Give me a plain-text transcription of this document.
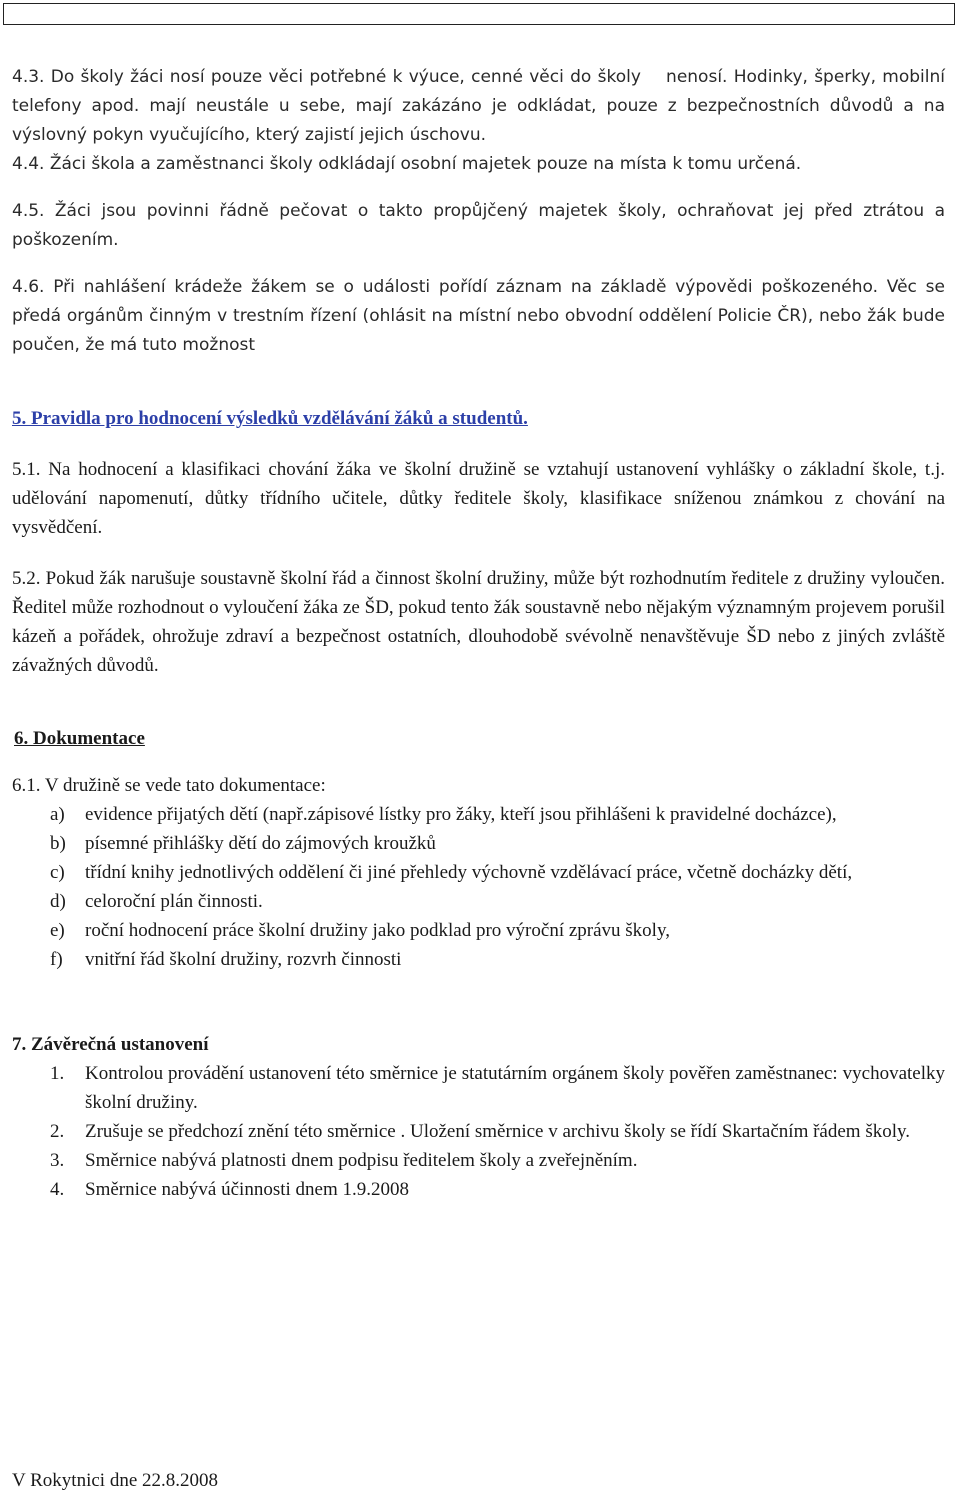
4.3. Do školy žáci nosí pouze věci potřebné k výuce, cenné věci do školy nenosí. Hodinky, šperky, mobilní telefony apod. mají neustále u sebe, mají zakázáno je odkládat, pouze z bezpečnostních důvodů a na výslovný pokyn vyučujícího, který zajistí jejich úschovu.

4.4. Žáci škola a zaměstnanci školy odkládají osobní majetek pouze na místa k tomu určená.

4.5. Žáci jsou povinni řádně pečovat o takto propůjčený majetek školy, ochraňovat jej před ztrátou a poškozením.

4.6. Při nahlášení krádeže žákem se o události pořídí záznam na základě výpovědi poškozeného. Věc se předá orgánům činným v trestním řízení (ohlásit na místní nebo obvodní oddělení Policie ČR), nebo žák bude poučen, že má tuto možnost

5. Pravidla pro hodnocení výsledků vzdělávání žáků a studentů.

5.1. Na hodnocení a klasifikaci chování žáka ve školní družině se vztahují ustanovení vyhlášky o základní škole, t.j. udělování napomenutí, důtky třídního učitele, důtky ředitele školy, klasifikace sníženou známkou z chování na vysvědčení.

5.2. Pokud žák narušuje soustavně školní řád a činnost školní družiny, může být rozhodnutím ředitele z družiny vyloučen. Ředitel může rozhodnout o vyloučení žáka ze ŠD, pokud tento žák soustavně nebo nějakým významným projevem porušil kázeň a pořádek, ohrožuje zdraví a bezpečnost ostatních, dlouhodobě svévolně nenavštěvuje ŠD nebo z jiných zvláště závažných důvodů.

6. Dokumentace

6.1. V družině se vede tato dokumentace:

a) evidence přijatých dětí (např.zápisové lístky pro žáky, kteří jsou přihlášeni k pravidelné docházce),
b) písemné přihlášky dětí do zájmových kroužků
c) třídní knihy jednotlivých oddělení či jiné přehledy výchovně vzdělávací práce, včetně docházky dětí,
d) celoroční plán činnosti.
e) roční hodnocení práce školní družiny jako podklad pro výroční zprávu školy,
f) vnitřní řád školní družiny, rozvrh činnosti

7. Závěrečná ustanovení

1. Kontrolou provádění ustanovení této směrnice je statutárním orgánem školy pověřen zaměstnanec: vychovatelky školní družiny.
2. Zrušuje se předchozí znění této směrnice . Uložení směrnice v archivu školy se řídí Skartačním řádem školy.
3. Směrnice nabývá platnosti dnem podpisu ředitelem školy a zveřejněním.
4. Směrnice nabývá účinnosti dnem 1.9.2008
V Rokytnici dne 22.8.2008
